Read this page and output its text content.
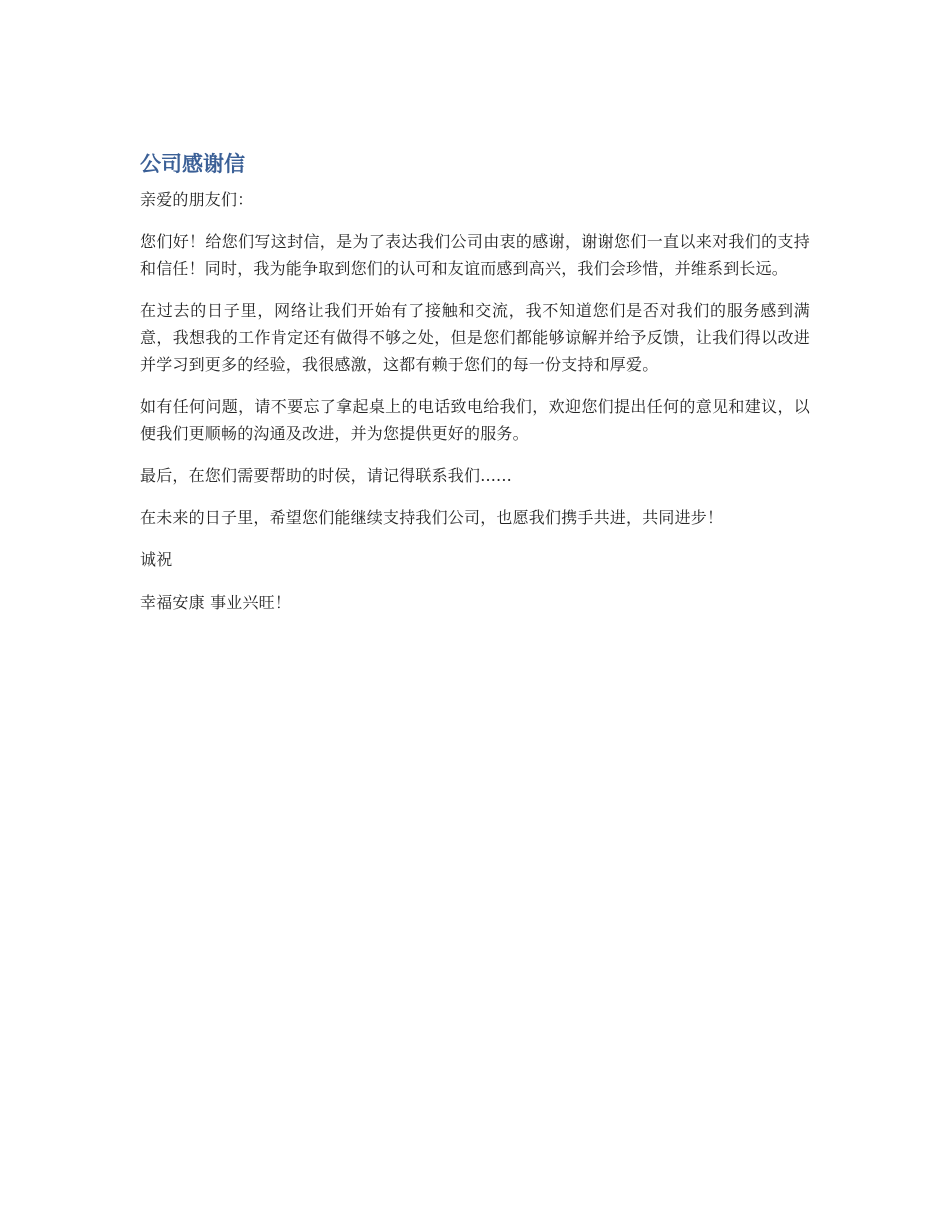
公司感谢信

亲爱的朋友们：

您们好！给您们写这封信，是为了表达我们公司由衷的感谢，谢谢您们一直以来对我们的支持和信任！同时，我为能争取到您们的认可和友谊而感到高兴，我们会珍惜，并维系到长远。

在过去的日子里，网络让我们开始有了接触和交流，我不知道您们是否对我们的服务感到满意，我想我的工作肯定还有做得不够之处，但是您们都能够谅解并给予反馈，让我们得以改进并学习到更多的经验，我很感激，这都有赖于您们的每一份支持和厚爱。

如有任何问题，请不要忘了拿起桌上的电话致电给我们，欢迎您们提出任何的意见和建议，以便我们更顺畅的沟通及改进，并为您提供更好的服务。

最后，在您们需要帮助的时侯，请记得联系我们......

在未来的日子里，希望您们能继续支持我们公司，也愿我们携手共进，共同进步！

诚祝

幸福安康 事业兴旺！
